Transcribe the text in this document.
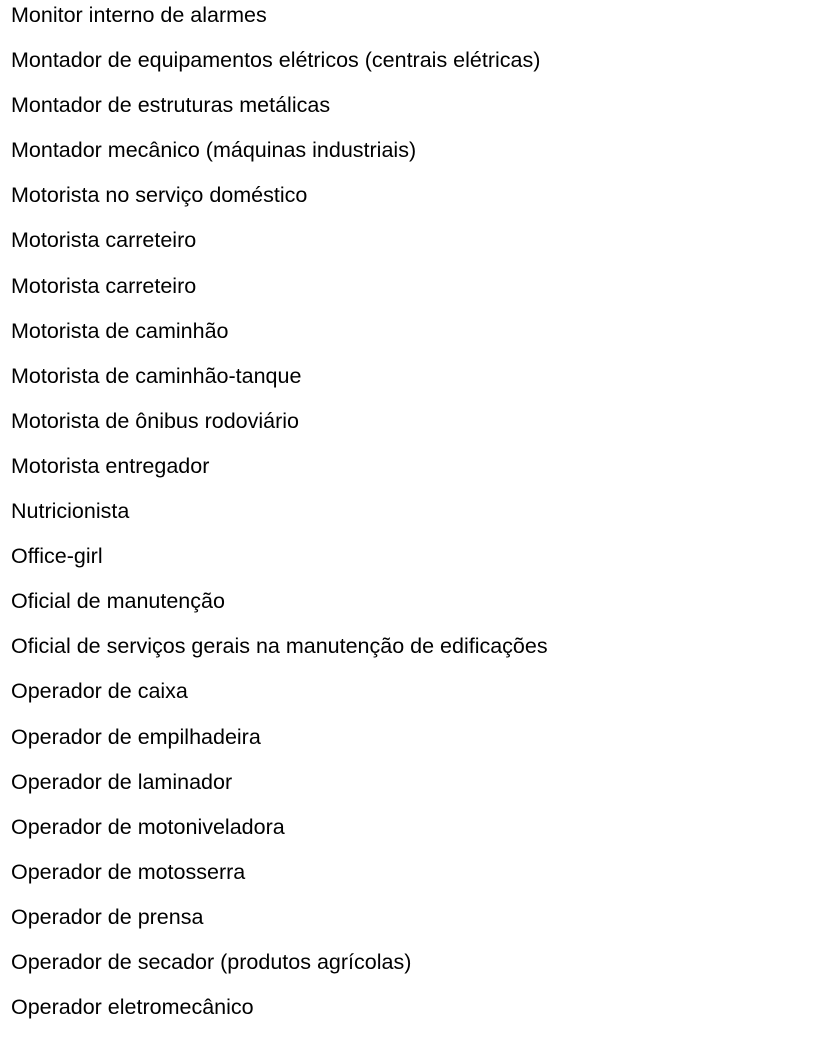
Monitor interno de alarmes
Montador de equipamentos elétricos (centrais elétricas)
Montador de estruturas metálicas
Montador mecânico (máquinas industriais)
Motorista no serviço doméstico
Motorista carreteiro
Motorista carreteiro
Motorista de caminhão
Motorista de caminhão-tanque
Motorista de ônibus rodoviário
Motorista entregador
Nutricionista
Office-girl
Oficial de manutenção
Oficial de serviços gerais na manutenção de edificações
Operador de caixa
Operador de empilhadeira
Operador de laminador
Operador de motoniveladora
Operador de motosserra
Operador de prensa
Operador de secador (produtos agrícolas)
Operador eletromecânico
